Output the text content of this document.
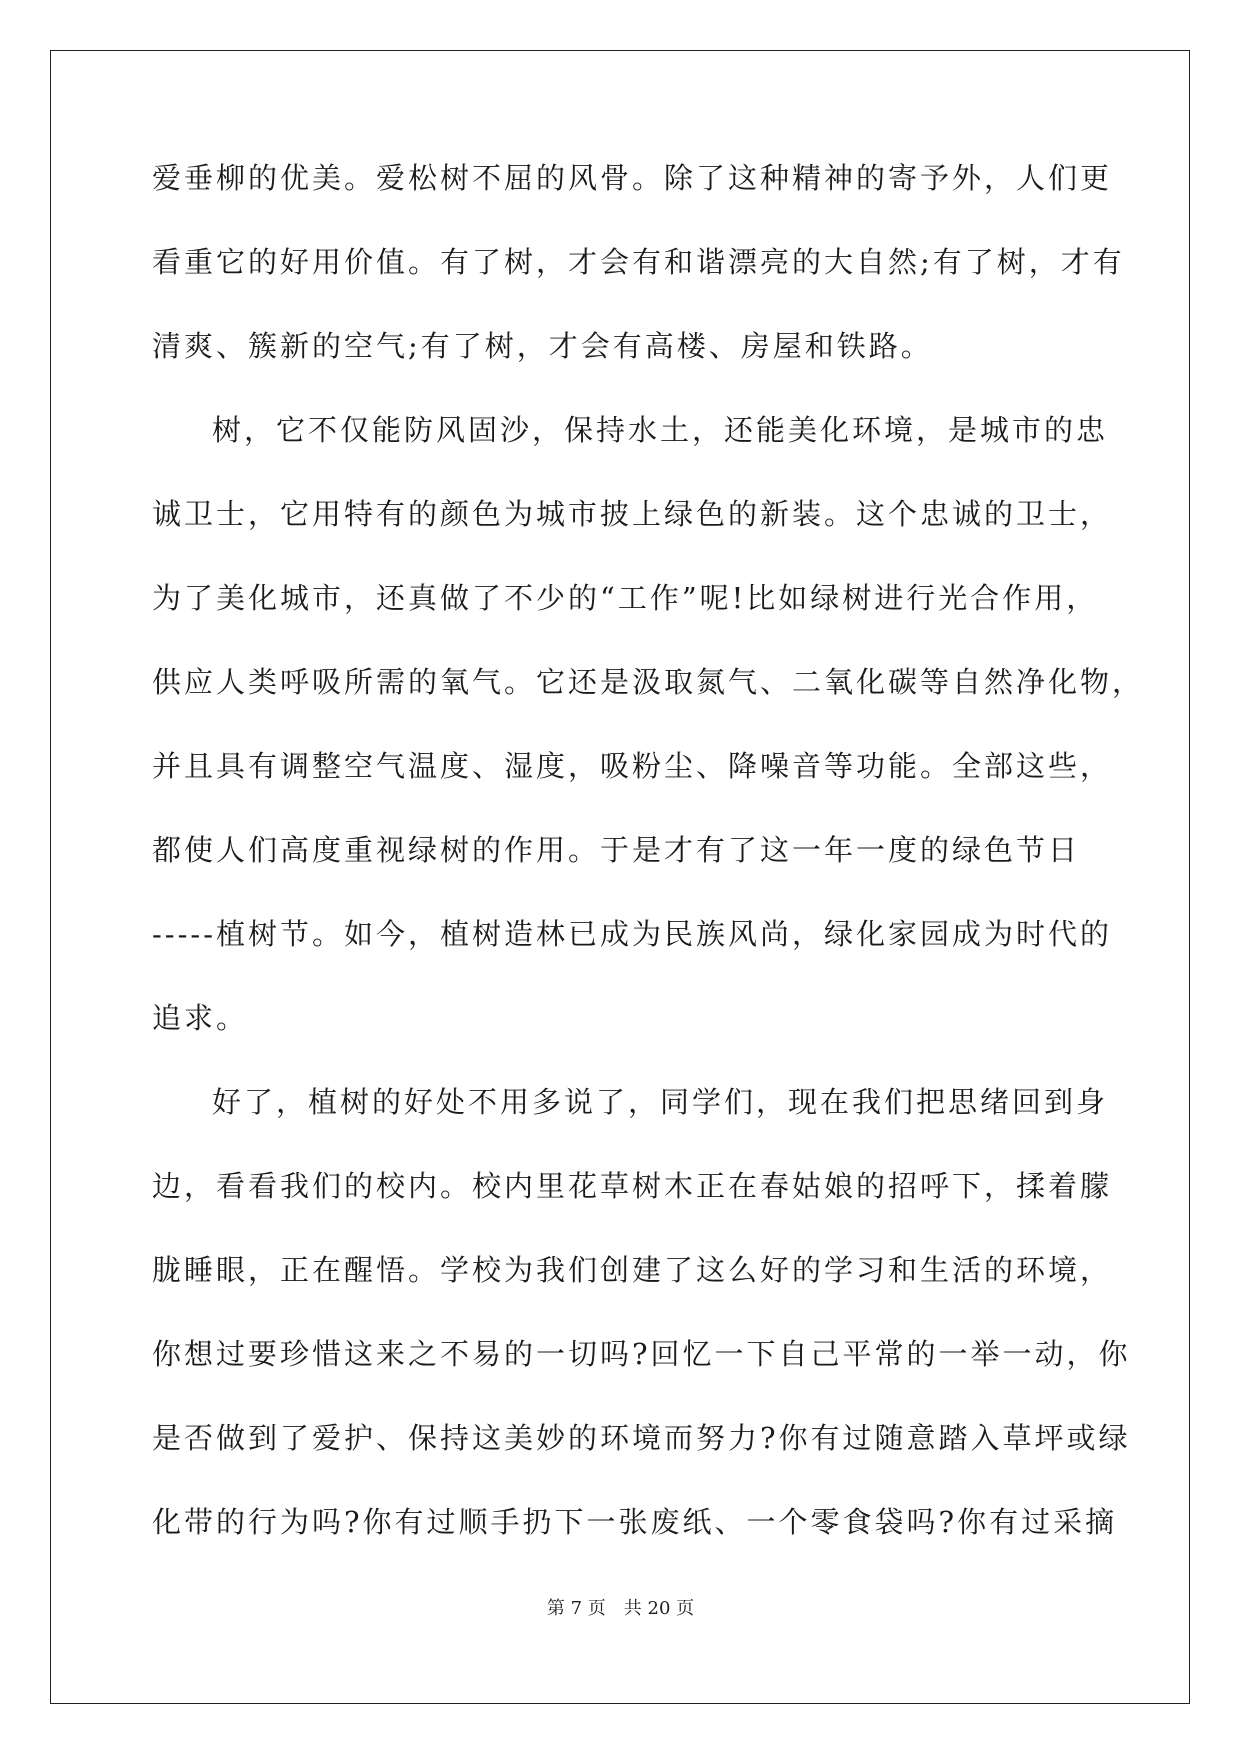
爱垂柳的优美。爱松树不屈的风骨。除了这种精神的寄予外，人们更
看重它的好用价值。有了树，才会有和谐漂亮的大自然;有了树，才有
清爽、簇新的空气;有了树，才会有高楼、房屋和铁路。
树，它不仅能防风固沙，保持水土，还能美化环境，是城市的忠
诚卫士，它用特有的颜色为城市披上绿色的新装。这个忠诚的卫士，
为了美化城市，还真做了不少的“工作”呢!比如绿树进行光合作用，
供应人类呼吸所需的氧气。它还是汲取氮气、二氧化碳等自然净化物，
并且具有调整空气温度、湿度，吸粉尘、降噪音等功能。全部这些，
都使人们高度重视绿树的作用。于是才有了这一年一度的绿色节日
-----植树节。如今，植树造林已成为民族风尚，绿化家园成为时代的
追求。
好了，植树的好处不用多说了，同学们，现在我们把思绪回到身
边，看看我们的校内。校内里花草树木正在春姑娘的招呼下，揉着朦
胧睡眼，正在醒悟。学校为我们创建了这么好的学习和生活的环境，
你想过要珍惜这来之不易的一切吗?回忆一下自己平常的一举一动，你
是否做到了爱护、保持这美妙的环境而努力?你有过随意踏入草坪或绿
化带的行为吗?你有过顺手扔下一张废纸、一个零食袋吗?你有过采摘
第 7 页　共 20 页
